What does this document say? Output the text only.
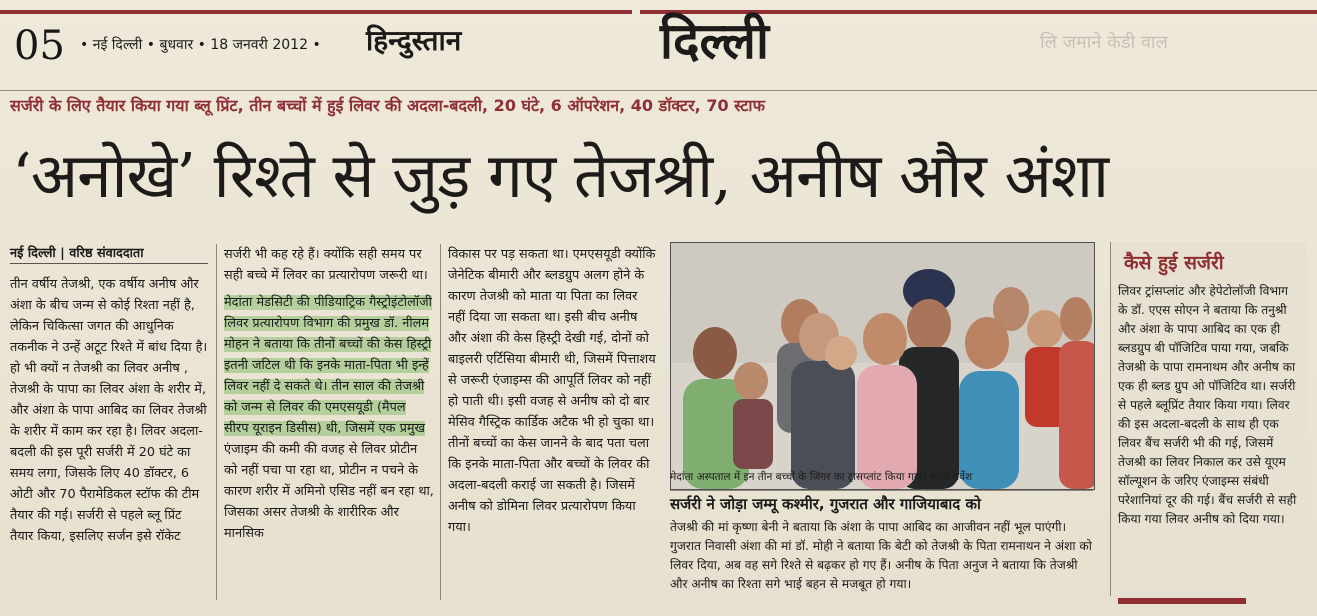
05 • नई दिल्ली • बुधवार • 18 जनवरी 2012 • हिन्दुस्तान	दिल्ली	लि जमाने केडी वाल
सर्जरी के लिए तैयार किया गया ब्लू प्रिंट, तीन बच्चों में हुई लिवर की अदला-बदली, 20 घंटे, 6 ऑपरेशन, 40 डॉक्टर, 70 स्टाफ
‘अनोखे’ रिश्ते से जुड़ गए तेजश्री, अनीष और अंशा
नई दिल्ली | वरिष्ठ संवाददाता

तीन वर्षीय तेजश्री, एक वर्षीय अनीष और अंशा के बीच जन्म से कोई रिश्ता नहीं है, लेकिन चिकित्सा जगत की आधुनिक तकनीक ने उन्हें अटूट रिश्ते में बांध दिया है। हो भी क्यों न तेजश्री का लिवर अनीष , तेजश्री के पापा का लिवर अंशा के शरीर में, और अंशा के पापा आबिद का लिवर तेजश्री के शरीर में काम कर रहा है। लिवर अदला-बदली की इस पूरी सर्जरी में 20 घंटे का समय लगा, जिसके लिए 40 डॉक्टर, 6 ओटी और 70 पैरामेडिकल स्टॉफ की टीम तैयार की गई। सर्जरी से पहले ब्लू प्रिंट तैयार किया, इसलिए सर्जन इसे रॉकेट

सर्जरी भी कह रहे हैं। क्योंकि सही समय पर सही बच्चे में लिवर का प्रत्यारोपण जरूरी था।

मेदांता मेडसिटी की पीडियाट्रिक गैस्ट्रोइंटोलॉजी लिवर प्रत्यारोपण विभाग की प्रमुख डॉ. नीलम मोहन ने बताया कि तीनों बच्चों की केस हिस्ट्री इतनी जटिल थी कि इनके माता-पिता भी इन्हें लिवर नहीं दे सकते थे। तीन साल की तेजश्री को जन्म से लिवर की एमएसयूडी (मैपल सीरप यूराइन डिसीस) थी, जिसमें एक प्रमुख

एंजाइम की कमी की वजह से लिवर प्रोटीन को नहीं पचा पा रहा था, प्रोटीन न पचने के कारण शरीर में अमिनो एसिड नहीं बन रहा था, जिसका असर तेजश्री के शारीरिक और मानसिक

विकास पर पड़ सकता था। एमएसयूडी क्योंकि जेनेटिक बीमारी और ब्लडग्रुप अलग होने के कारण तेजश्री को माता या पिता का लिवर नहीं दिया जा सकता था। इसी बीच अनीष और अंशा की केस हिस्ट्री देखी गई, दोनों को बाइलरी एर्टिसिया बीमारी थी, जिसमें पित्ताशय से जरूरी एंजाइम्स की आपूर्ति लिवर को नहीं हो पाती थी। इसी वजह से अनीष को दो बार मेसिव गैस्ट्रिक कार्डिक अटैक भी हो चुका था। तीनों बच्चों का केस जानने के बाद पता चला कि इनके माता-पिता और बच्चों के लिवर की अदला-बदली कराई जा सकती है। जिसमें अनीष को डोमिना लिवर प्रत्यारोपण किया गया।

मेदांता अस्पताल में इन तीन बच्चों के जिगर का ट्रांसप्लांट किया गया। फोटो सर्वेश
सर्जरी ने जोड़ा जम्मू कश्मीर, गुजरात और गाजियाबाद को
तेजश्री की मां कृष्णा बेनी ने बताया कि अंशा के पापा आबिद का आजीवन नहीं भूल पाएंगी। गुजरात निवासी अंशा की मां डॉ. मोही ने बताया कि बेटी को तेजश्री के पिता रामनाथन ने अंशा को लिवर दिया, अब वह सगे रिश्ते से बढ़कर हो गए हैं। अनीष के पिता अनुज ने बताया कि तेजश्री और अनीष का रिश्ता सगे भाई बहन से मजबूत हो गया।
कैसे हुई सर्जरी
लिवर ट्रांसप्लांट और हेपेटोलॉजी विभाग के डॉ. एएस सोएन ने बताया कि तनुश्री और अंशा के पापा आबिद का एक ही ब्लडग्रुप बी पॉजिटिव पाया गया, जबकि तेजश्री के पापा रामनाथम और अनीष का एक ही ब्लड ग्रुप ओ पॉजिटिव था। सर्जरी से पहले ब्लूप्रिंट तैयार किया गया। लिवर की इस अदला-बदली के साथ ही एक लिवर बैंच सर्जरी भी की गई, जिसमें तेजश्री का लिवर निकाल कर उसे यूएम सॉल्यूशन के जरिए एंजाइम्स संबंधी परेशानियां दूर की गई। बैंच सर्जरी से सही किया गया लिवर अनीष को दिया गया।
